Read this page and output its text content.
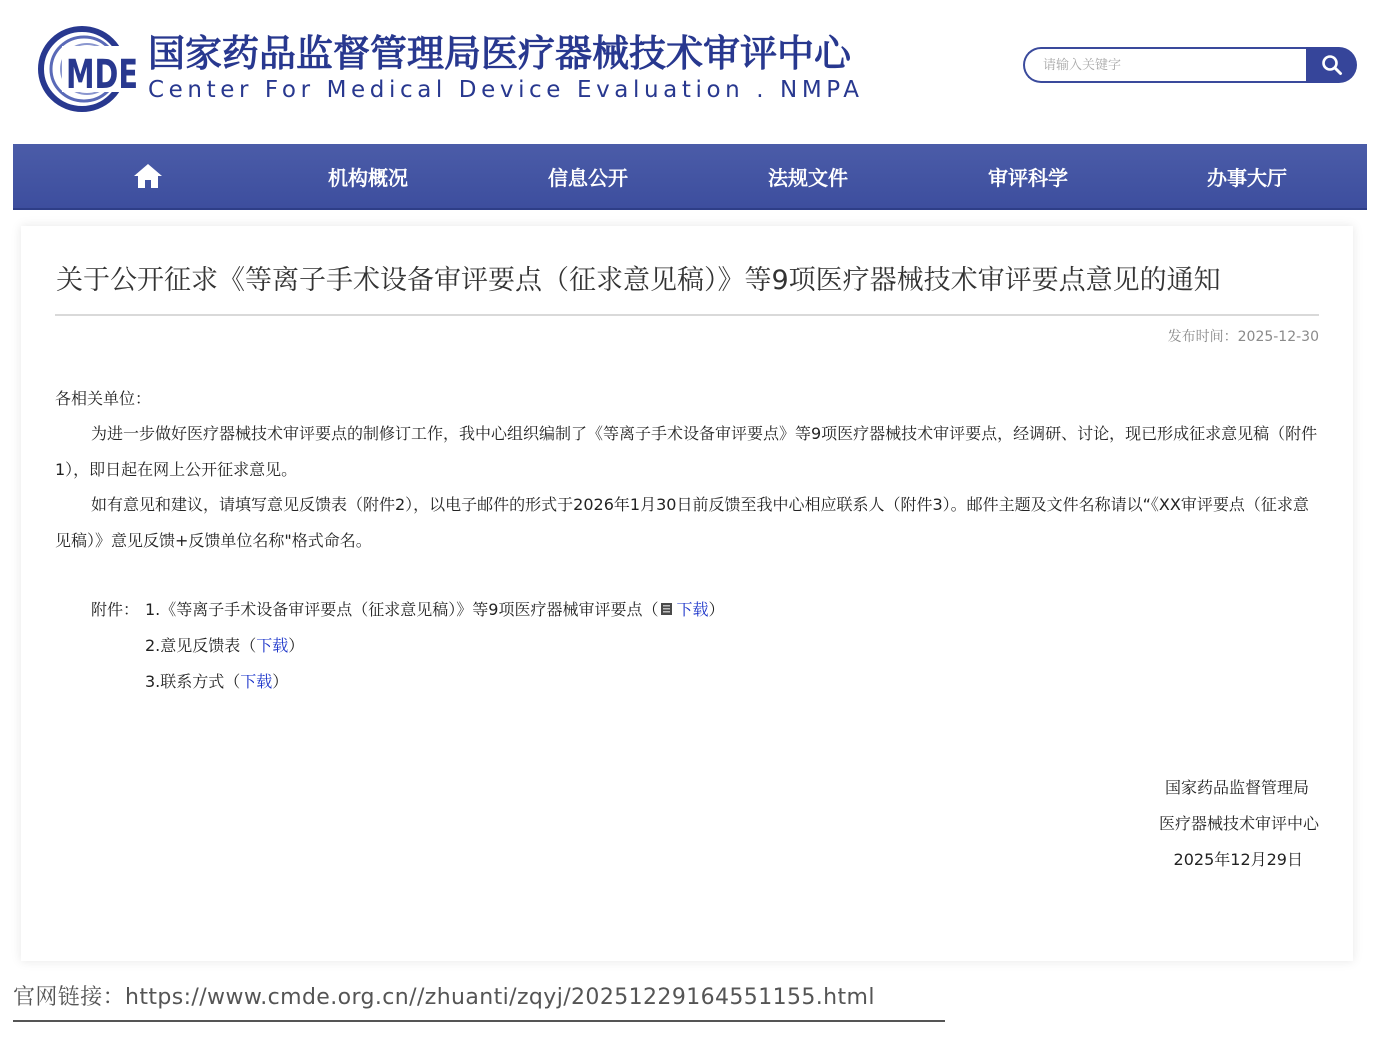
MDE 国家药品监督管理局医疗器械技术审评中心
Center For Medical Device Evaluation . NMPA
请输入关键字
机构概况	信息公开	法规文件	审评科学	办事大厅
关于公开征求《等离子手术设备审评要点（征求意见稿）》等9项医疗器械技术审评要点意见的通知
发布时间：2025-12-30

各相关单位：

为进一步做好医疗器械技术审评要点的制修订工作，我中心组织编制了《等离子手术设备审评要点》等9项医疗器械技术审评要点，经调研、讨论，现已形成征求意见稿（附件1），即日起在网上公开征求意见。

如有意见和建议，请填写意见反馈表（附件2），以电子邮件的形式于2026年1月30日前反馈至我中心相应联系人（附件3）。邮件主题及文件名称请以“《XX审评要点（征求意见稿）》意见反馈+反馈单位名称"格式命名。

附件： 1.《等离子手术设备审评要点（征求意见稿）》等9项医疗器械审评要点（ 下载）
2.意见反馈表（下载）
3.联系方式（下载）
国家药品监督管理局
医疗器械技术审评中心
2025年12月29日
官网链接：https://www.cmde.org.cn//zhuanti/zqyj/20251229164551155.html
